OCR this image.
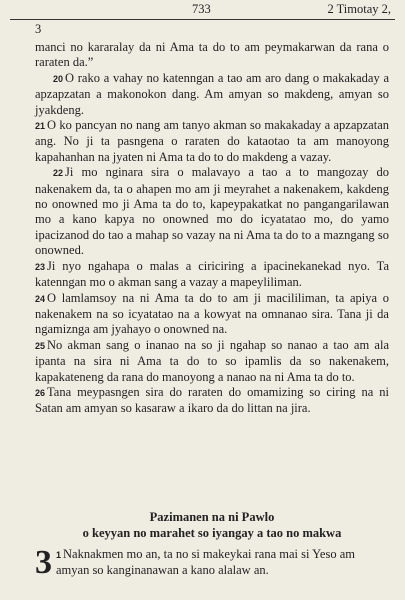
733	2 Timotay 2,
3

manci no kararalay da ni Ama ta do to am peymakarwan da rana o raraten da.”

20 O rako a vahay no katenngan a tao am aro dang o makakaday a apzapzatan a makonokon dang. Am amyan so makdeng, amyan so jyakdeng.

21 O ko pancyan no nang am tanyo akman so makakaday a apzapzatan ang. No ji ta pasngena o raraten do kataotao ta am manoyong kapahanhan na jyaten ni Ama ta do to do makdeng a vazay.

22 Ji mo nginara sira o malavayo a tao a to mangozay do nakenakem da, ta o ahapen mo am ji meyrahet a nakenakem, kakdeng no onowned mo ji Ama ta do to, kapeypakatkat no pangangarilawan mo a kano kapya no onowned mo do icyatatao mo, do yamo ipacizanod do tao a mahap so vazay na ni Ama ta do to a mazngang so onowned.

23 Ji nyo ngahapa o malas a ciriciring a ipacinekanekad nyo. Ta katenngan mo o akman sang a vazay a mapeyliliman.

24 O lamlamsoy na ni Ama ta do to am ji macililiman, ta apiya o nakenakem na so icyatatao na a kowyat na omnanao sira. Tana ji da ngamizngа am jyahayo o onowned na.

25 No akman sang o inanao na so ji ngahap so nanao a tao am ala ipanta na sira ni Ama ta do to so ipamlis da so nakenakem, kapakateneng da rana do manoyong a nanao na ni Ama ta do to.

26 Tana meypasngen sira do raraten do omamizing so ciring na ni Satan am amyan so kasaraw a ikaro da do littan na jira.

Pazimanen na ni Pawlo
o keyyan no marahet so iyangay a tao no makwa
3 1 Naknakmen mo an, ta no si makeykai rana mai si Yeso am amyan so kanginanawan a kano alalaw an.
